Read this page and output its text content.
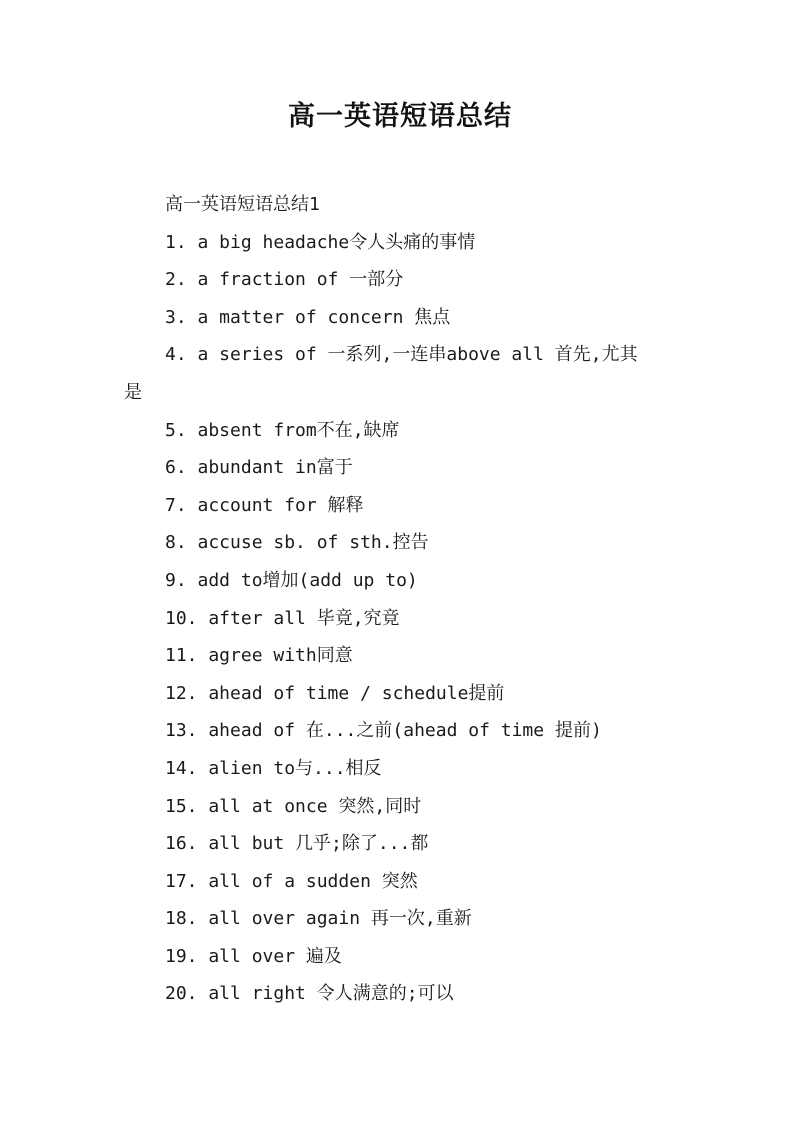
高一英语短语总结
高一英语短语总结1
1. a big headache令人头痛的事情
2. a fraction of 一部分
3. a matter of concern 焦点
4. a series of 一系列,一连串above all 首先,尤其
是
5. absent from不在,缺席
6. abundant in富于
7. account for 解释
8. accuse sb. of sth.控告
9. add to增加(add up to)
10. after all 毕竟,究竟
11. agree with同意
12. ahead of time / schedule提前
13. ahead of 在...之前(ahead of time 提前)
14. alien to与...相反
15. all at once 突然,同时
16. all but 几乎;除了...都
17. all of a sudden 突然
18. all over again 再一次,重新
19. all over 遍及
20. all right 令人满意的;可以
